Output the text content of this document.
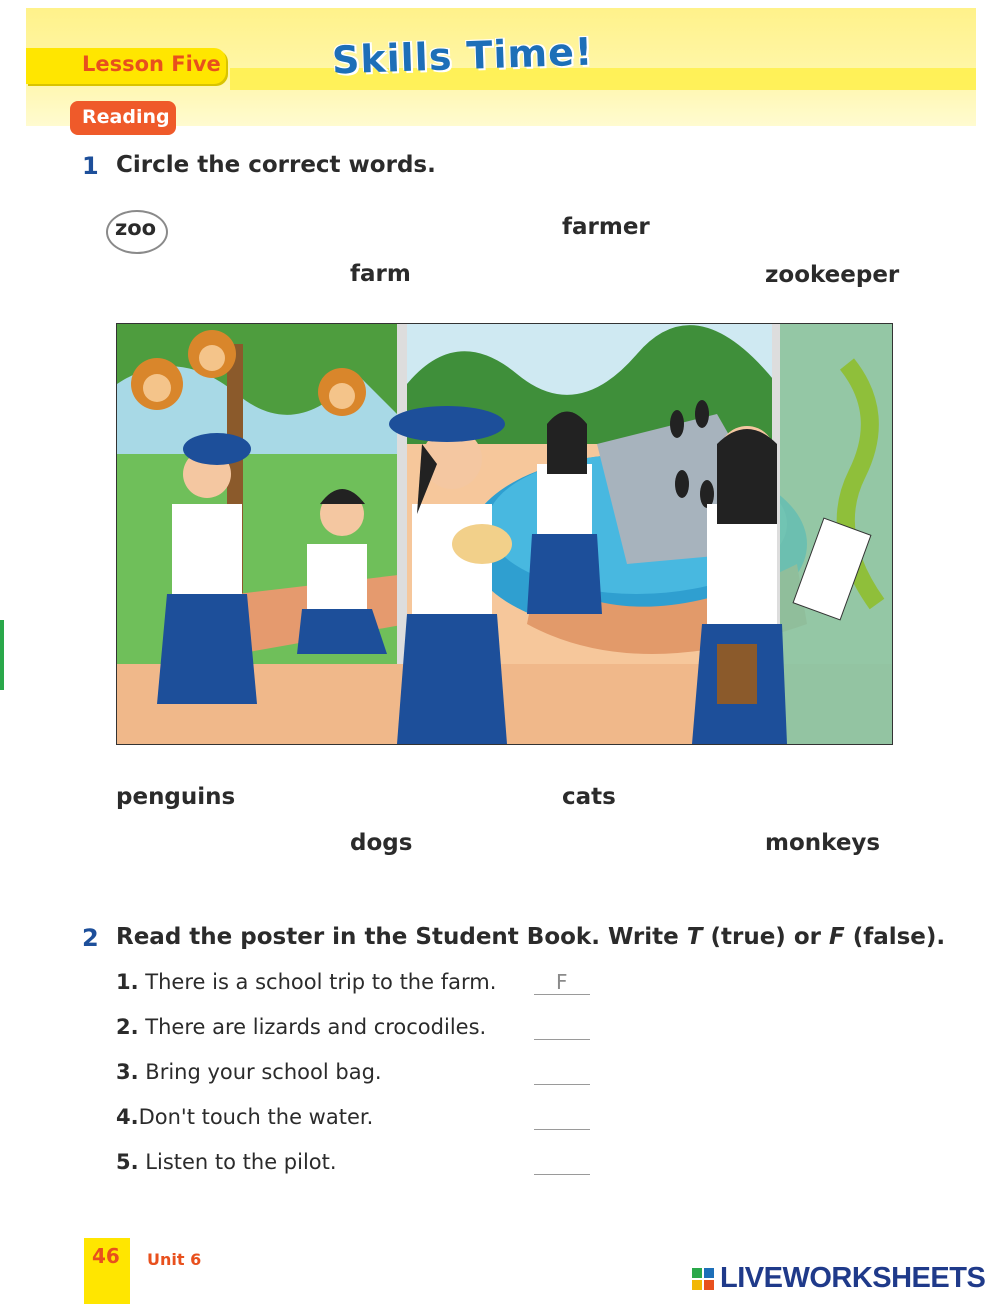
Lesson Five	Skills Time!
Reading
1 Circle the correct words.
zoo	farmer
farm	zookeeper
penguins	cats
dogs	monkeys
2 Read the poster in the Student Book. Write T (true) or F (false).
1. There is a school trip to the farm.	F
2. There are lizards and crocodiles.
3. Bring your school bag.
4.Don't touch the water.
5. Listen to the pilot.
46 Unit 6
LIVEWORKSHEETS
